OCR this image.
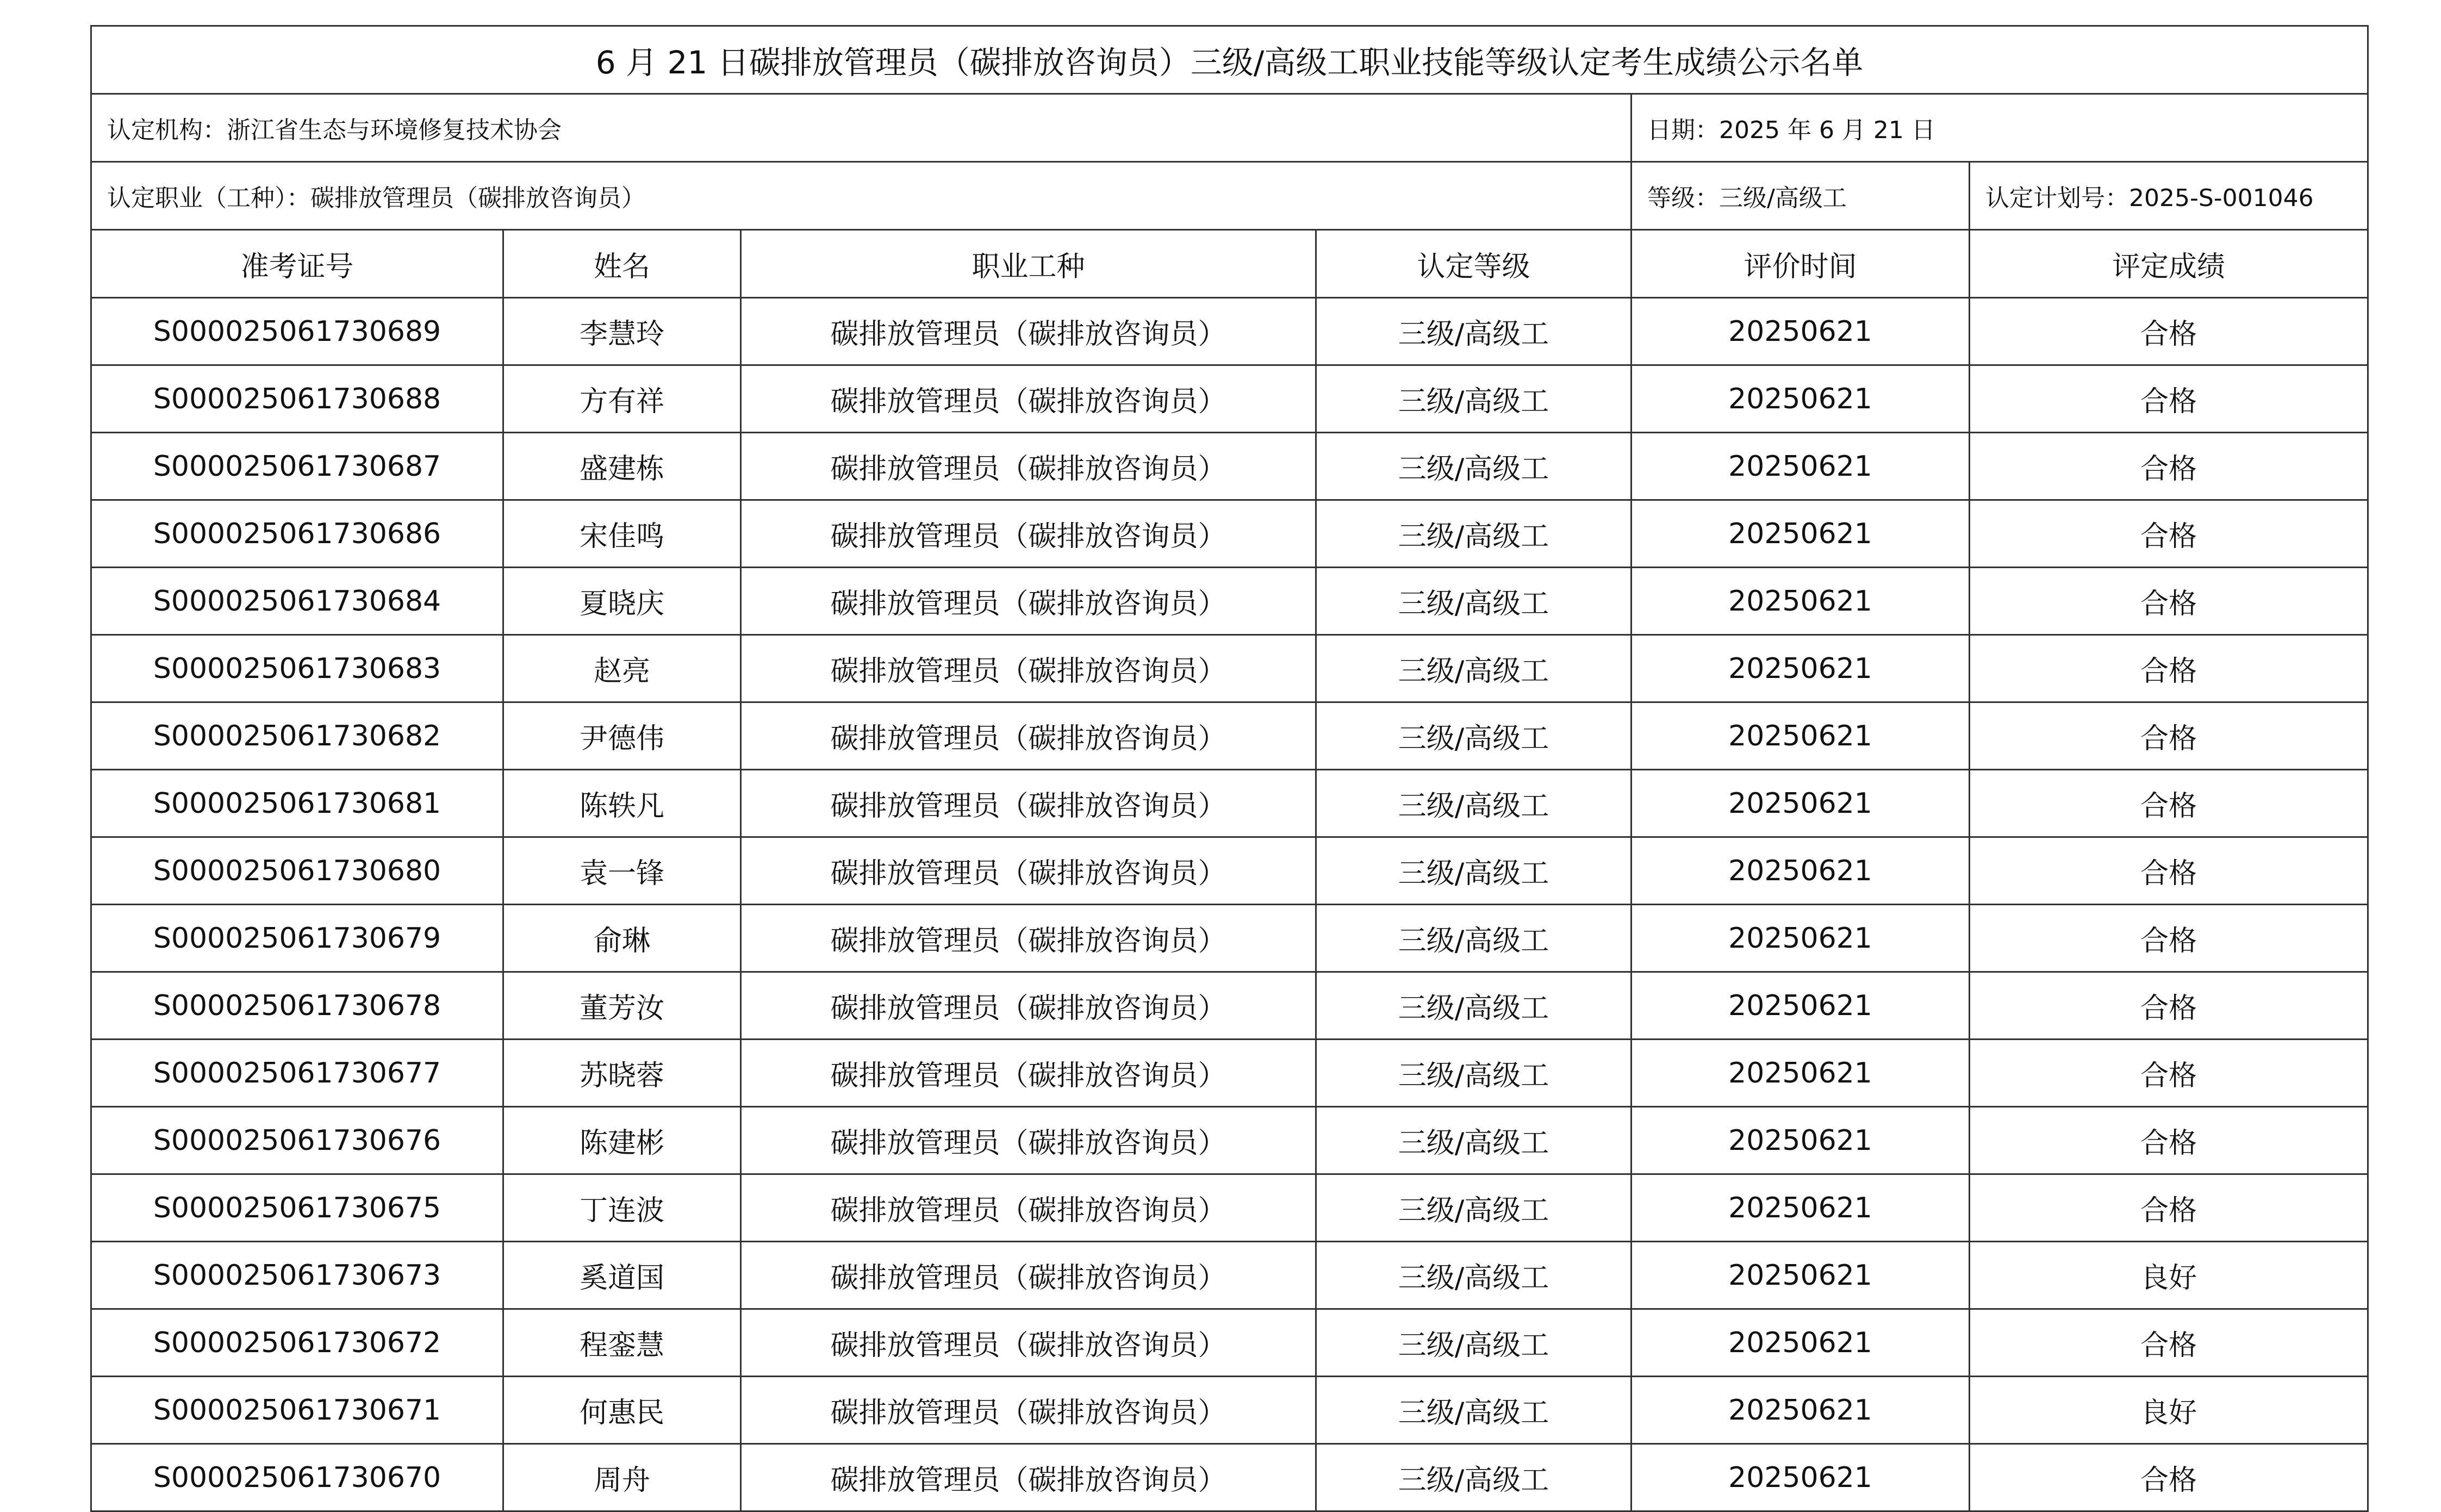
6 月 21 日碳排放管理员（碳排放咨询员）三级/高级工职业技能等级认定考生成绩公示名单					
认定机构：浙江省生态与环境修复技术协会				日期：2025 年 6 月 21 日	
认定职业（工种）：碳排放管理员（碳排放咨询员）				等级：三级/高级工	认定计划号：2025-S-001046
准考证号	姓名	职业工种	认定等级	评价时间	评定成绩
S000025061730689	李慧玲	碳排放管理员（碳排放咨询员）	三级/高级工	20250621	合格
S000025061730688	方有祥	碳排放管理员（碳排放咨询员）	三级/高级工	20250621	合格
S000025061730687	盛建栋	碳排放管理员（碳排放咨询员）	三级/高级工	20250621	合格
S000025061730686	宋佳鸣	碳排放管理员（碳排放咨询员）	三级/高级工	20250621	合格
S000025061730684	夏晓庆	碳排放管理员（碳排放咨询员）	三级/高级工	20250621	合格
S000025061730683	赵亮	碳排放管理员（碳排放咨询员）	三级/高级工	20250621	合格
S000025061730682	尹德伟	碳排放管理员（碳排放咨询员）	三级/高级工	20250621	合格
S000025061730681	陈轶凡	碳排放管理员（碳排放咨询员）	三级/高级工	20250621	合格
S000025061730680	袁一锋	碳排放管理员（碳排放咨询员）	三级/高级工	20250621	合格
S000025061730679	俞琳	碳排放管理员（碳排放咨询员）	三级/高级工	20250621	合格
S000025061730678	董芳汝	碳排放管理员（碳排放咨询员）	三级/高级工	20250621	合格
S000025061730677	苏晓蓉	碳排放管理员（碳排放咨询员）	三级/高级工	20250621	合格
S000025061730676	陈建彬	碳排放管理员（碳排放咨询员）	三级/高级工	20250621	合格
S000025061730675	丁连波	碳排放管理员（碳排放咨询员）	三级/高级工	20250621	合格
S000025061730673	奚道国	碳排放管理员（碳排放咨询员）	三级/高级工	20250621	良好
S000025061730672	程銮慧	碳排放管理员（碳排放咨询员）	三级/高级工	20250621	合格
S000025061730671	何惠民	碳排放管理员（碳排放咨询员）	三级/高级工	20250621	良好
S000025061730670	周舟	碳排放管理员（碳排放咨询员）	三级/高级工	20250621	合格
